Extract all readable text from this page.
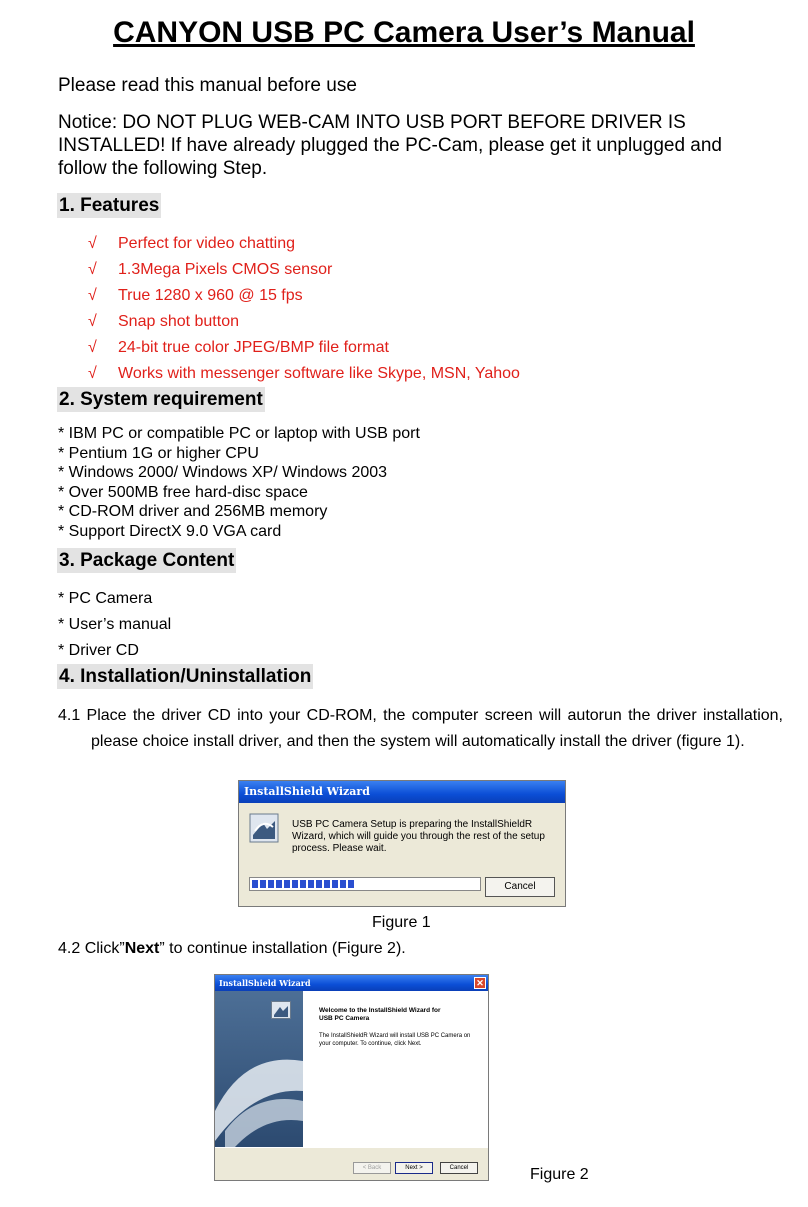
CANYON USB PC Camera User’s Manual

Please read this manual before use

Notice: DO NOT PLUG WEB-CAM INTO USB PORT BEFORE DRIVER IS INSTALLED! If have already plugged the PC-Cam, please get it unplugged and follow the following Step.

1. Features
√ Perfect for video chatting
√ 1.3Mega Pixels CMOS sensor
√ True 1280 x 960 @ 15 fps
√ Snap shot button
√ 24-bit true color JPEG/BMP file format
√ Works with messenger software like Skype, MSN, Yahoo
2. System requirement
* IBM PC or compatible PC or laptop with USB port
* Pentium 1G or higher CPU
* Windows 2000/ Windows XP/ Windows 2003
* Over 500MB free hard-disc space
* CD-ROM driver and 256MB memory
* Support DirectX 9.0 VGA card
3. Package Content
* PC Camera
* User’s manual
* Driver CD
4. Installation/Uninstallation

4.1 Place the driver CD into your CD-ROM, the computer screen will autorun the driver installation, please choice install driver, and then the system will automatically install the driver (figure 1).

InstallShield Wizard
USB PC Camera Setup is preparing the InstallShieldR Wizard, which will guide you through the rest of the setup process. Please wait.
Cancel

Figure 1

4.2 Click”Next” to continue installation (Figure 2).

InstallShield Wizard	✕
Welcome to the InstallShield Wizard for
USB PC Camera
The InstallShieldR Wizard will install USB PC Camera on your computer. To continue, click Next.
< Back	Next >	Cancel	Figure 2
